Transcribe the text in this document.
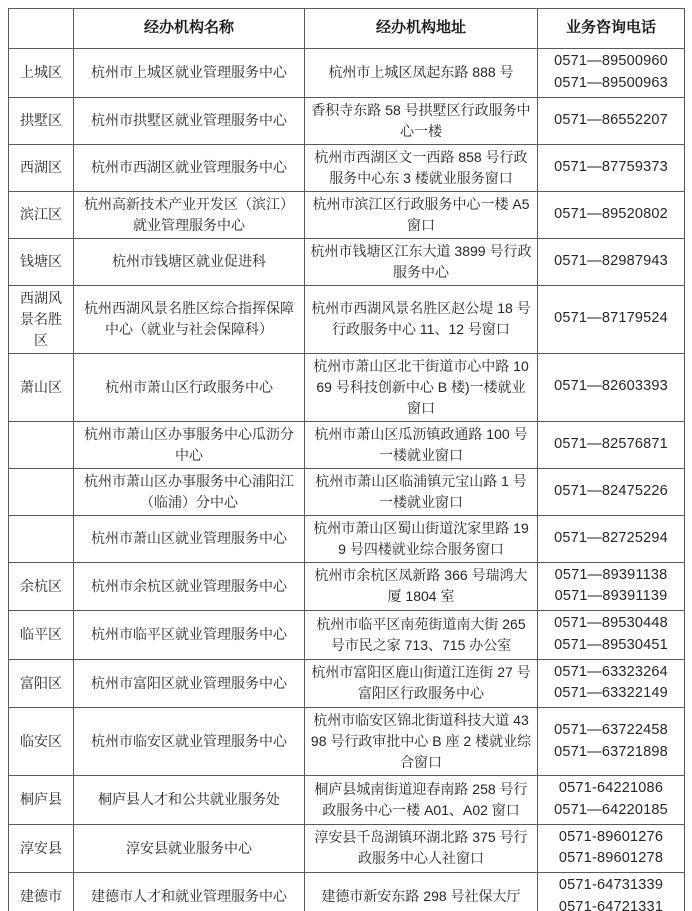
	经办机构名称	经办机构地址	业务咨询电话
上城区	杭州市上城区就业管理服务中心	杭州市上城区凤起东路 888 号	0571—89500960
0571—89500963

拱墅区	杭州市拱墅区就业管理服务中心	香积寺东路 58 号拱墅区行政服务中心一楼	0571—86552207

西湖区	杭州市西湖区就业管理服务中心	杭州市西湖区文一西路 858 号行政服务中心东 3 楼就业服务窗口	0571—87759373

滨江区	杭州高新技术产业开发区（滨江）就业管理服务中心	杭州市滨江区行政服务中心一楼 A5 窗口	0571—89520802

钱塘区	杭州市钱塘区就业促进科	杭州市钱塘区江东大道 3899 号行政服务中心	0571—82987943

西湖风景名胜区	杭州西湖风景名胜区综合指挥保障中心（就业与社会保障科）	杭州市西湖风景名胜区赵公堤 18 号行政服务中心 11、12 号窗口	0571—87179524

萧山区	杭州市萧山区行政服务中心	杭州市萧山区北干街道市心中路 1069 号科技创新中心 B 楼)一楼就业窗口	0571—82603393

	杭州市萧山区办事服务中心瓜沥分中心	杭州市萧山区瓜沥镇政通路 100 号一楼就业窗口	0571—82576871

	杭州市萧山区办事服务中心浦阳江（临浦）分中心	杭州市萧山区临浦镇元宝山路 1 号一楼就业窗口	0571—82475226

	杭州市萧山区就业管理服务中心	杭州市萧山区蜀山街道沈家里路 199 号四楼就业综合服务窗口	0571—82725294

余杭区	杭州市余杭区就业管理服务中心	杭州市余杭区凤新路 366 号瑞鸿大厦 1804 室	0571—89391138
0571—89391139

临平区	杭州市临平区就业管理服务中心	杭州市临平区南苑街道南大街 265 号市民之家 713、715 办公室	0571—89530448
0571—89530451

富阳区	杭州市富阳区就业管理服务中心	杭州市富阳区鹿山街道江连街 27 号富阳区行政服务中心	0571—63323264
0571—63322149

临安区	杭州市临安区就业管理服务中心	杭州市临安区锦北街道科技大道 4398 号行政审批中心 B 座 2 楼就业综合窗口	0571—63722458
0571—63721898

桐庐县	桐庐县人才和公共就业服务处	桐庐县城南街道迎春南路 258 号行政服务中心一楼 A01、A02 窗口	0571-64221086
0571—64220185

淳安县	淳安县就业服务中心	淳安县千岛湖镇环湖北路 375 号行政服务中心人社窗口	0571-89601276
0571-89601278

建德市	建德市人才和就业管理服务中心	建德市新安东路 298 号社保大厅	0571-64731339
0571-64721331
